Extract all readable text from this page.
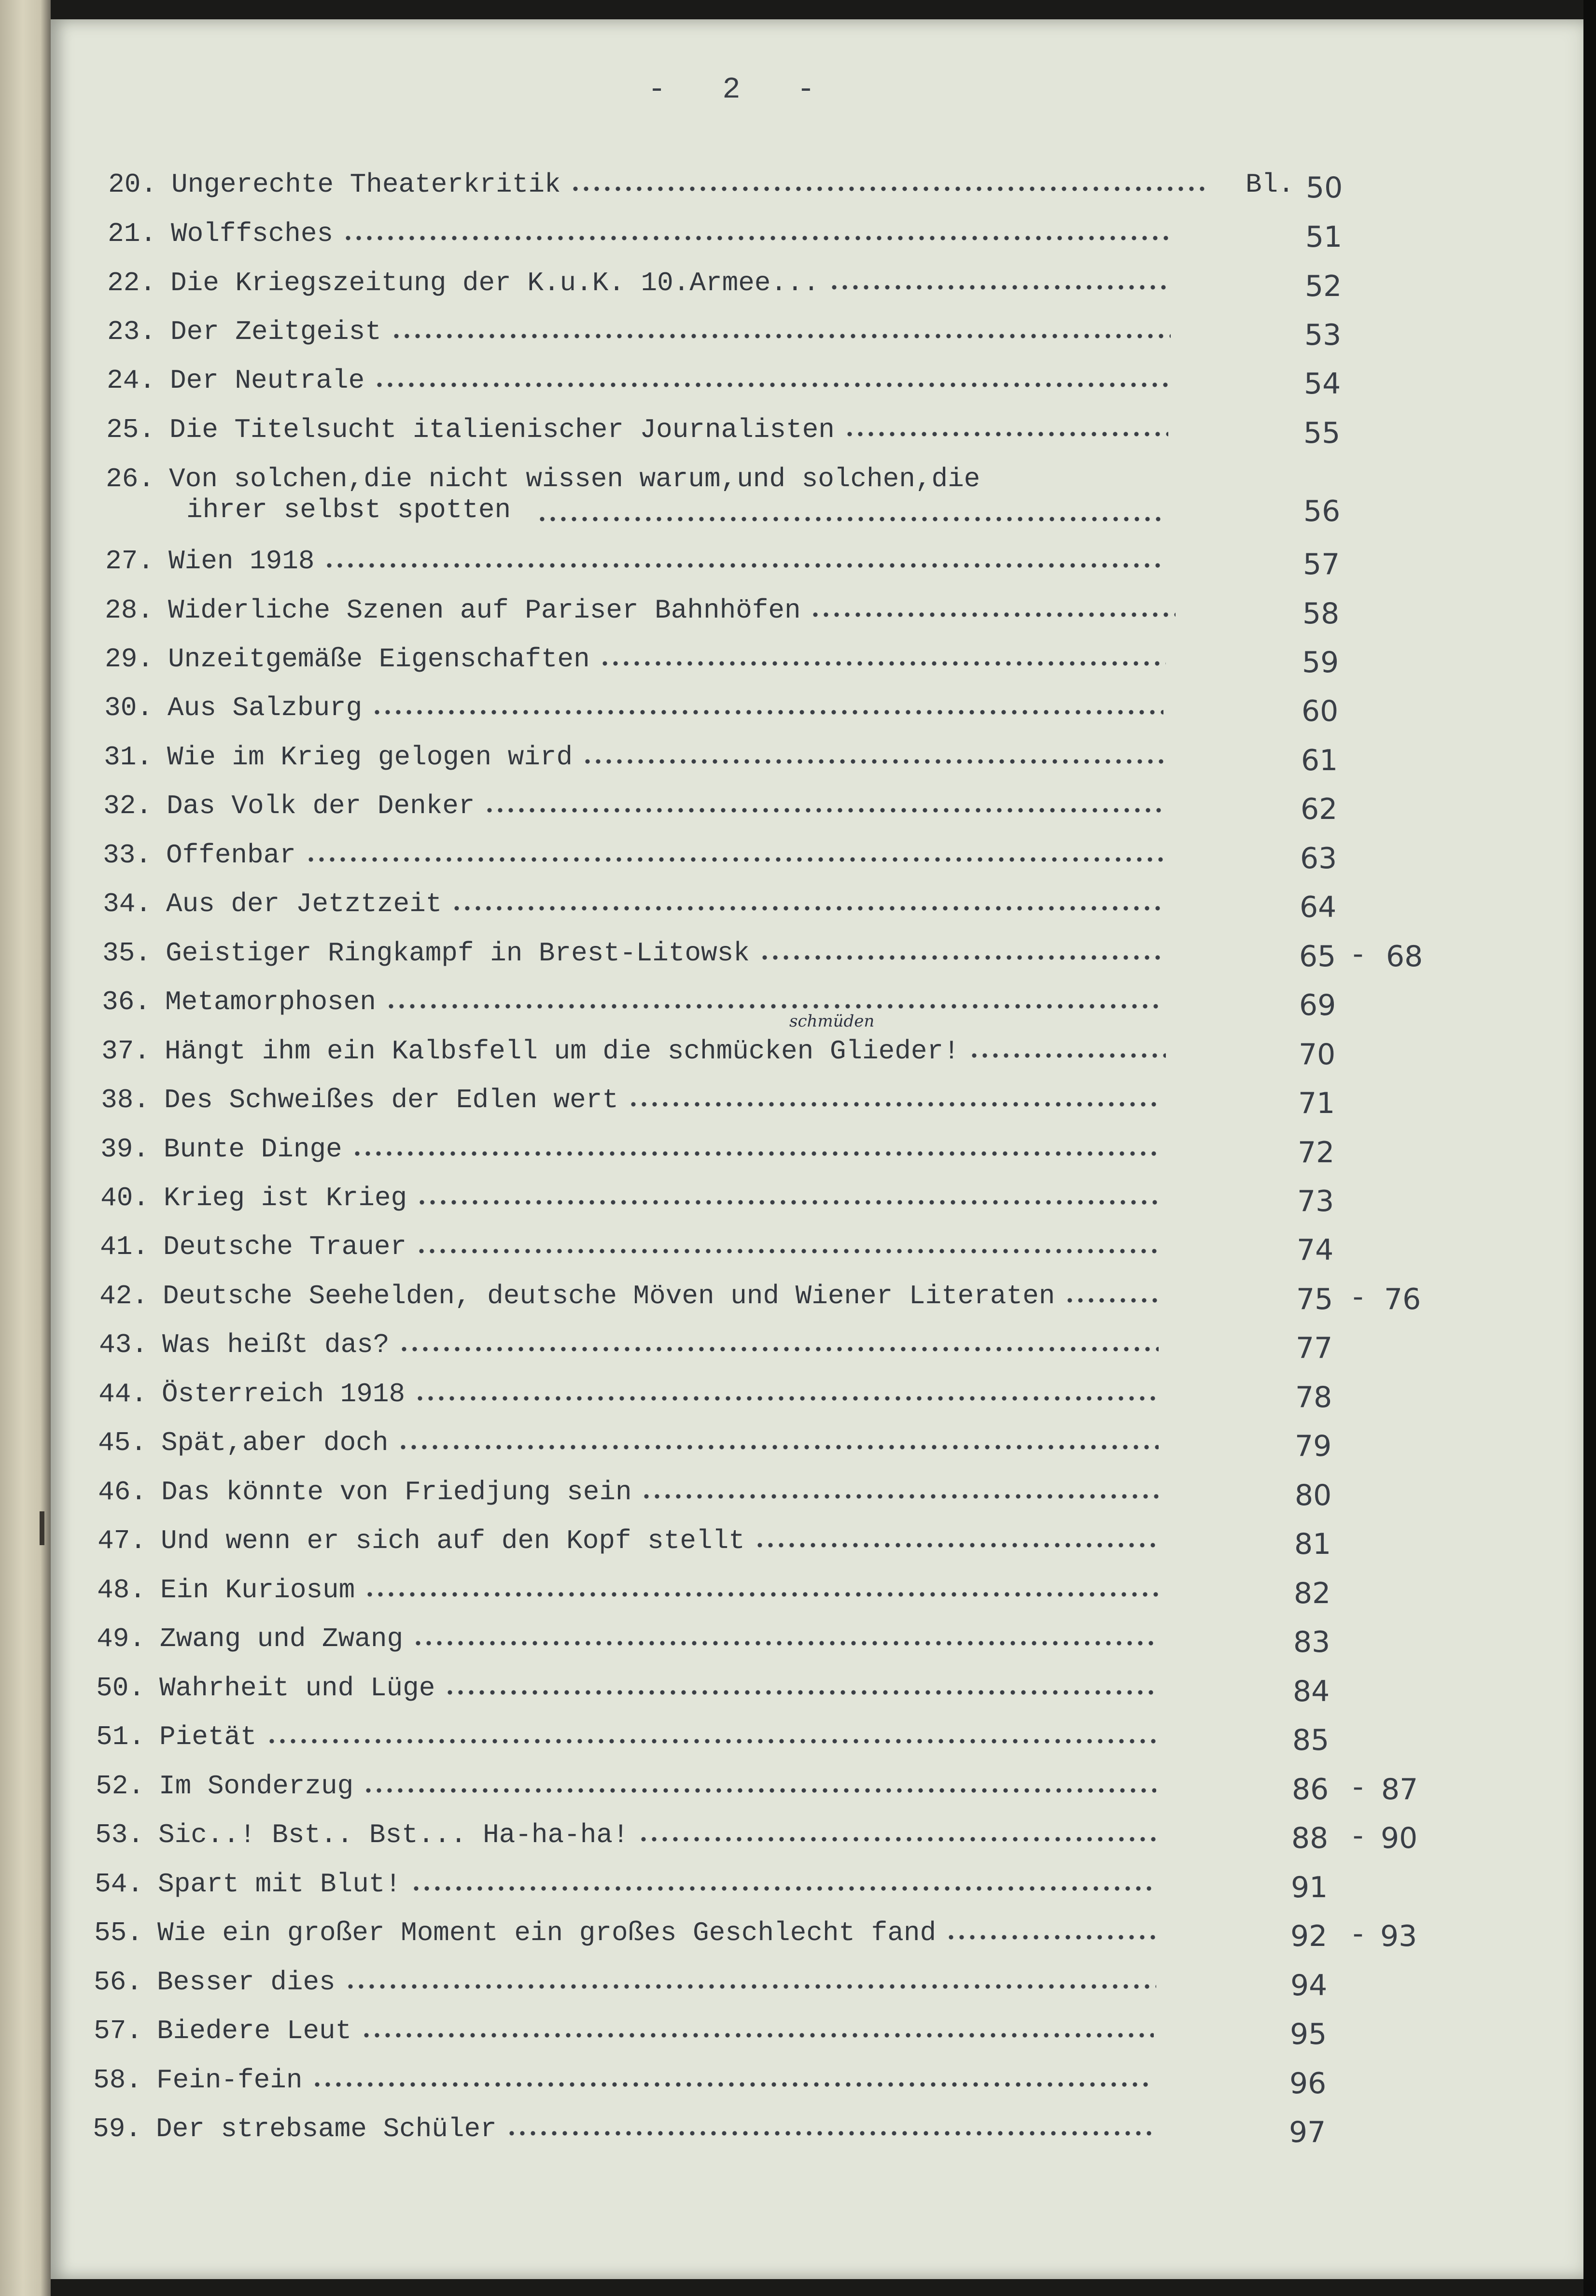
- 2 -
20. Ungerechte Theaterkritik	Bl. 50
21. Wolffsches	51
22. Die Kriegszeitung der K.u.K. 10.Armee...	52
23. Der Zeitgeist	53
24. Der Neutrale	54
25. Die Titelsucht italienischer Journalisten	55
26. Von solchen,die nicht wissen warum,und solchen,die
ihrer selbst spotten	56
27. Wien 1918	57
28. Widerliche Szenen auf Pariser Bahnhöfen	58
29. Unzeitgemäße Eigenschaften	59
30. Aus Salzburg	60
31. Wie im Krieg gelogen wird	61
32. Das Volk der Denker	62
33. Offenbar	63
34. Aus der Jetztzeit	64
35. Geistiger Ringkampf in Brest-Litowsk	65 - 68
36. Metamorphosen	69
37. Hängt ihm ein Kalbsfell um die schmücken Glieder!	70
38. Des Schweißes der Edlen wert	71
39. Bunte Dinge	72
40. Krieg ist Krieg	73
41. Deutsche Trauer	74
42. Deutsche Seehelden, deutsche Möven und Wiener Literaten	75 - 76
43. Was heißt das?	77
44. Österreich 1918	78
45. Spät,aber doch	79
46. Das könnte von Friedjung sein	80
47. Und wenn er sich auf den Kopf stellt	81
48. Ein Kuriosum	82
49. Zwang und Zwang	83
50. Wahrheit und Lüge	84
51. Pietät	85
52. Im Sonderzug	86 - 87
53. Sic..! Bst.. Bst... Ha-ha-ha!	88 - 90
54. Spart mit Blut!	91
55. Wie ein großer Moment ein großes Geschlecht fand	92 - 93
56. Besser dies	94
57. Biedere Leut	95
58. Fein-fein	96
59. Der strebsame Schüler	97
schmüden
